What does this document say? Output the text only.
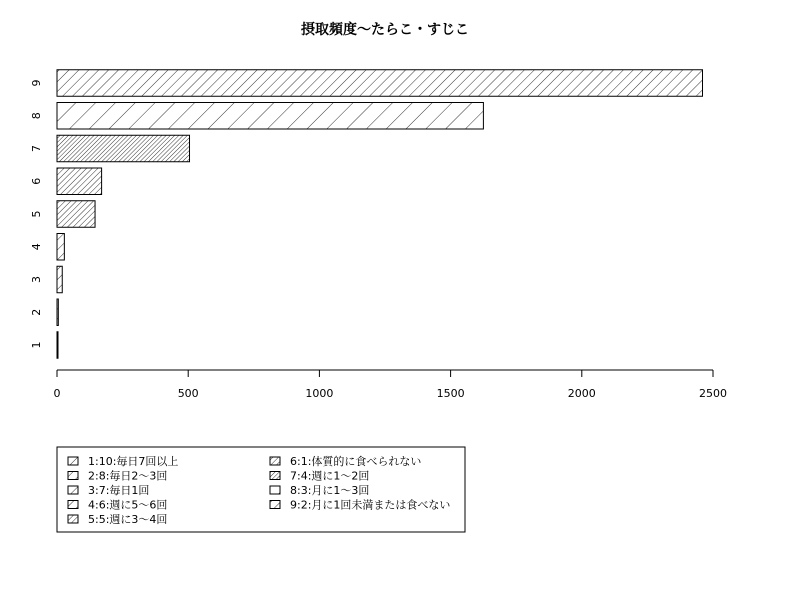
摂取頻度〜たらこ・すじこ
1
2
3
4
5
6
7
8
9
0	500	1000	1500	2000	2500
1:10:毎日7回以上
2:8:毎日2〜3回
3:7:毎日1回
4:6:週に5〜6回
5:5:週に3〜4回
6:1:体質的に食べられない
7:4:週に1〜2回
8:3:月に1〜3回
9:2:月に1回未満または食べない
